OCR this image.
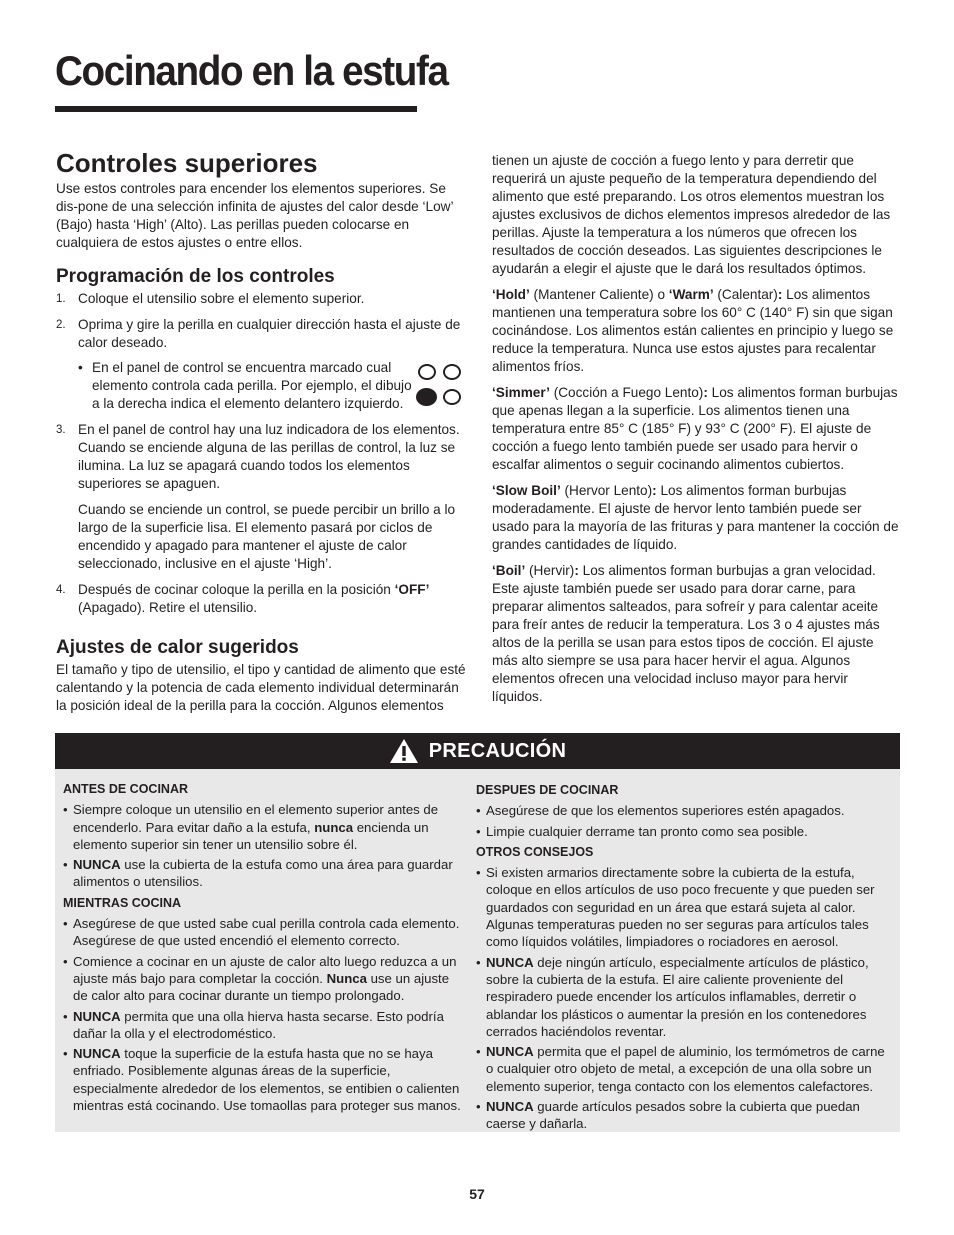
Cocinando en la estufa
Controles superiores

Use estos controles para encender los elementos superiores. Se dis-pone de una selección infinita de ajustes del calor desde ‘Low’ (Bajo) hasta ‘High’ (Alto). Las perillas pueden colocarse en cualquiera de estos ajustes o entre ellos.

Programación de los controles
1. Coloque el utensilio sobre el elemento superior.
2. Oprima y gire la perilla en cualquier dirección hasta el ajuste de calor deseado.
• En el panel de control se encuentra marcado cual elemento controla cada perilla. Por ejemplo, el dibujo a la derecha indica el elemento delantero izquierdo.
3. En el panel de control hay una luz indicadora de los elementos. Cuando se enciende alguna de las perillas de control, la luz se ilumina. La luz se apagará cuando todos los elementos superiores se apaguen.
Cuando se enciende un control, se puede percibir un brillo a lo largo de la superficie lisa. El elemento pasará por ciclos de encendido y apagado para mantener el ajuste de calor seleccionado, inclusive en el ajuste ‘High’.
4. Después de cocinar coloque la perilla en la posición ‘OFF’ (Apagado). Retire el utensilio.
Ajustes de calor sugeridos

El tamaño y tipo de utensilio, el tipo y cantidad de alimento que esté calentando y la potencia de cada elemento individual determinarán la posición ideal de la perilla para la cocción. Algunos elementos

tienen un ajuste de cocción a fuego lento y para derretir que requerirá un ajuste pequeño de la temperatura dependiendo del alimento que esté preparando. Los otros elementos muestran los ajustes exclusivos de dichos elementos impresos alrededor de las perillas. Ajuste la temperatura a los números que ofrecen los resultados de cocción deseados. Las siguientes descripciones le ayudarán a elegir el ajuste que le dará los resultados óptimos.

‘Hold’ (Mantener Caliente) o ‘Warm’ (Calentar): Los alimentos mantienen una temperatura sobre los 60° C (140° F) sin que sigan cocinándose. Los alimentos están calientes en principio y luego se reduce la temperatura. Nunca use estos ajustes para recalentar alimentos fríos.

‘Simmer’ (Cocción a Fuego Lento): Los alimentos forman burbujas que apenas llegan a la superficie. Los alimentos tienen una temperatura entre 85° C (185° F) y 93° C (200° F). El ajuste de cocción a fuego lento también puede ser usado para hervir o escalfar alimentos o seguir cocinando alimentos cubiertos.

‘Slow Boil’ (Hervor Lento): Los alimentos forman burbujas moderadamente. El ajuste de hervor lento también puede ser usado para la mayoría de las frituras y para mantener la cocción de grandes cantidades de líquido.

‘Boil’ (Hervir): Los alimentos forman burbujas a gran velocidad. Este ajuste también puede ser usado para dorar carne, para preparar alimentos salteados, para sofreír y para calentar aceite para freír antes de reducir la temperatura. Los 3 o 4 ajustes más altos de la perilla se usan para estos tipos de cocción. El ajuste más alto siempre se usa para hacer hervir el agua. Algunos elementos ofrecen una velocidad incluso mayor para hervir líquidos.

PRECAUCIÓN
ANTES DE COCINAR
• Siempre coloque un utensilio en el elemento superior antes de encenderlo. Para evitar daño a la estufa, nunca encienda un elemento superior sin tener un utensilio sobre él.
• NUNCA use la cubierta de la estufa como una área para guardar alimentos o utensilios.
MIENTRAS COCINA
• Asegúrese de que usted sabe cual perilla controla cada elemento. Asegúrese de que usted encendió el elemento correcto.
• Comience a cocinar en un ajuste de calor alto luego reduzca a un ajuste más bajo para completar la cocción. Nunca use un ajuste de calor alto para cocinar durante un tiempo prolongado.
• NUNCA permita que una olla hierva hasta secarse. Esto podría dañar la olla y el electrodoméstico.
• NUNCA toque la superficie de la estufa hasta que no se haya enfriado. Posiblemente algunas áreas de la superficie, especialmente alrededor de los elementos, se entibien o calienten mientras está cocinando. Use tomaollas para proteger sus manos.
DESPUES DE COCINAR
• Asegúrese de que los elementos superiores estén apagados.
• Limpie cualquier derrame tan pronto como sea posible.
OTROS CONSEJOS
• Si existen armarios directamente sobre la cubierta de la estufa, coloque en ellos artículos de uso poco frecuente y que pueden ser guardados con seguridad en un área que estará sujeta al calor. Algunas temperaturas pueden no ser seguras para artículos tales como líquidos volátiles, limpiadores o rociadores en aerosol.
• NUNCA deje ningún artículo, especialmente artículos de plástico, sobre la cubierta de la estufa. El aire caliente proveniente del respiradero puede encender los artículos inflamables, derretir o ablandar los plásticos o aumentar la presión en los contenedores cerrados haciéndolos reventar.
• NUNCA permita que el papel de aluminio, los termómetros de carne o cualquier otro objeto de metal, a excepción de una olla sobre un elemento superior, tenga contacto con los elementos calefactores.
• NUNCA guarde artículos pesados sobre la cubierta que puedan caerse y dañarla.
57
